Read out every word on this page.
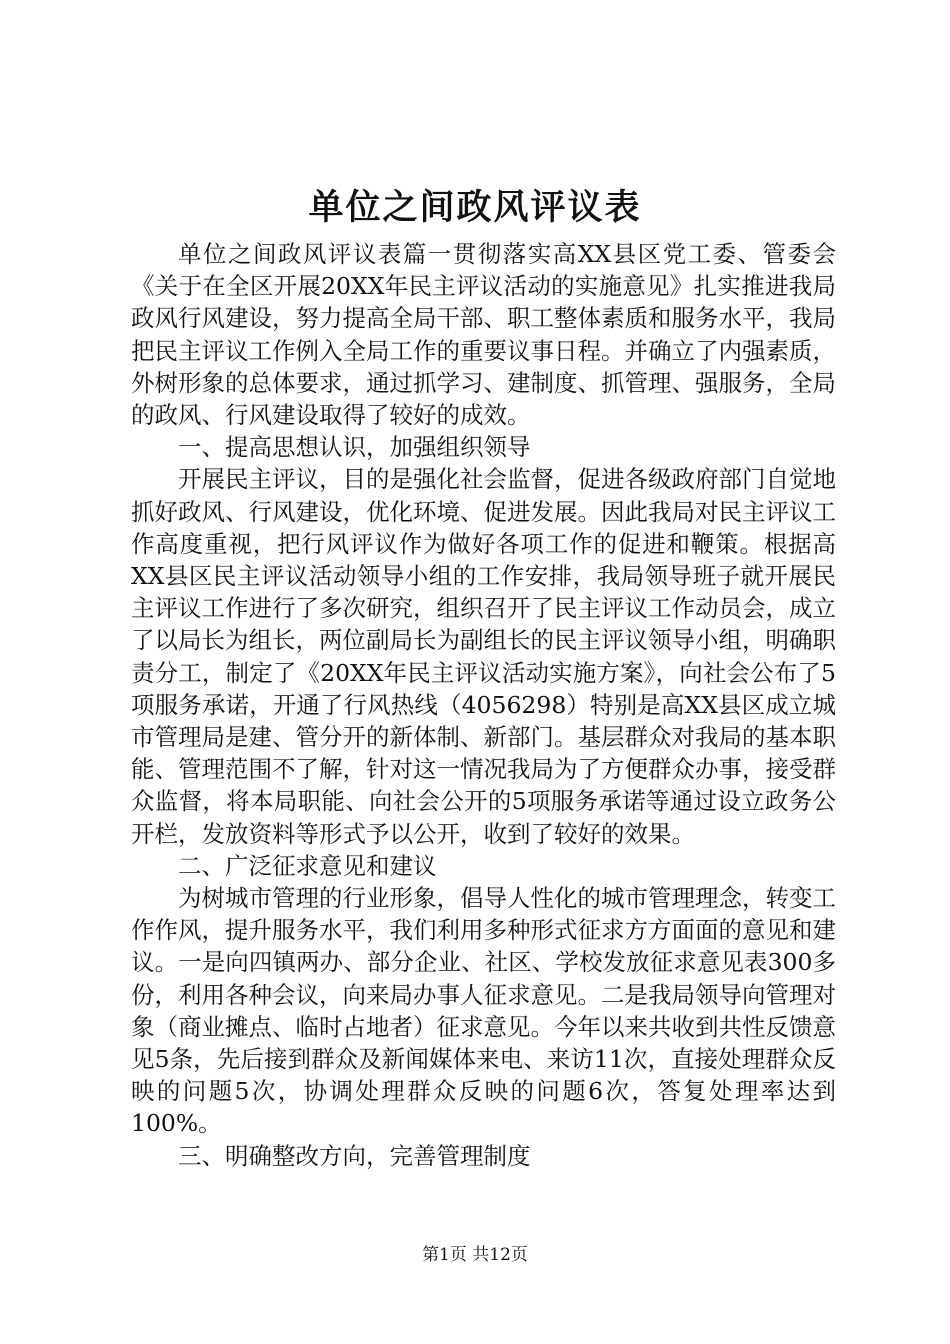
单位之间政风评议表

单位之间政风评议表篇一贯彻落实高XX县区党工委、管委会《关于在全区开展20XX年民主评议活动的实施意见》扎实推进我局政风行风建设，努力提高全局干部、职工整体素质和服务水平，我局把民主评议工作例入全局工作的重要议事日程。并确立了内强素质，外树形象的总体要求，通过抓学习、建制度、抓管理、强服务，全局的政风、行风建设取得了较好的成效。

一、提高思想认识，加强组织领导

开展民主评议，目的是强化社会监督，促进各级政府部门自觉地抓好政风、行风建设，优化环境、促进发展。因此我局对民主评议工作高度重视，把行风评议作为做好各项工作的促进和鞭策。根据高XX县区民主评议活动领导小组的工作安排，我局领导班子就开展民主评议工作进行了多次研究，组织召开了民主评议工作动员会，成立了以局长为组长，两位副局长为副组长的民主评议领导小组，明确职责分工，制定了《20XX年民主评议活动实施方案》，向社会公布了5项服务承诺，开通了行风热线（4056298）特别是高XX县区成立城市管理局是建、管分开的新体制、新部门。基层群众对我局的基本职能、管理范围不了解，针对这一情况我局为了方便群众办事，接受群众监督，将本局职能、向社会公开的5项服务承诺等通过设立政务公开栏，发放资料等形式予以公开，收到了较好的效果。

二、广泛征求意见和建议

为树城市管理的行业形象，倡导人性化的城市管理理念，转变工作作风，提升服务水平，我们利用多种形式征求方方面面的意见和建议。一是向四镇两办、部分企业、社区、学校发放征求意见表300多份，利用各种会议，向来局办事人征求意见。二是我局领导向管理对象（商业摊点、临时占地者）征求意见。今年以来共收到共性反馈意见5条，先后接到群众及新闻媒体来电、来访11次，直接处理群众反映的问题5次，协调处理群众反映的问题6次，答复处理率达到100%。

三、明确整改方向，完善管理制度

第1页 共12页
